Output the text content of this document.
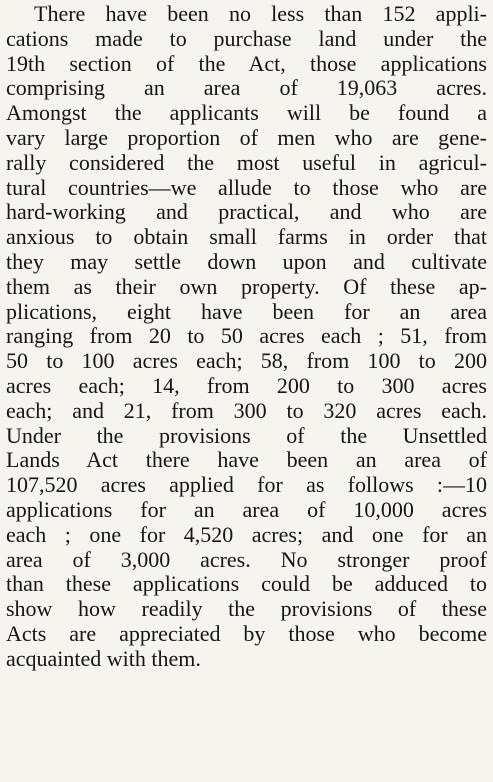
There have been no less than 152 appli-
cations made to purchase land under the
19th section of the Act, those applications
comprising an area of 19,063 acres.
Amongst the applicants will be found a
vary large proportion of men who are gene-
rally considered the most useful in agricul-
tural countries—we allude to those who are
hard-working and practical, and who are
anxious to obtain small farms in order that
they may settle down upon and cultivate
them as their own property. Of these ap-
plications, eight have been for an area
ranging from 20 to 50 acres each ; 51, from
50 to 100 acres each; 58, from 100 to 200
acres each; 14, from 200 to 300 acres
each; and 21, from 300 to 320 acres each.
Under the provisions of the Unsettled
Lands Act there have been an area of
107,520 acres applied for as follows :—10
applications for an area of 10,000 acres
each ; one for 4,520 acres; and one for an
area of 3,000 acres. No stronger proof
than these applications could be adduced to
show how readily the provisions of these
Acts are appreciated by those who become
acquainted with them.
